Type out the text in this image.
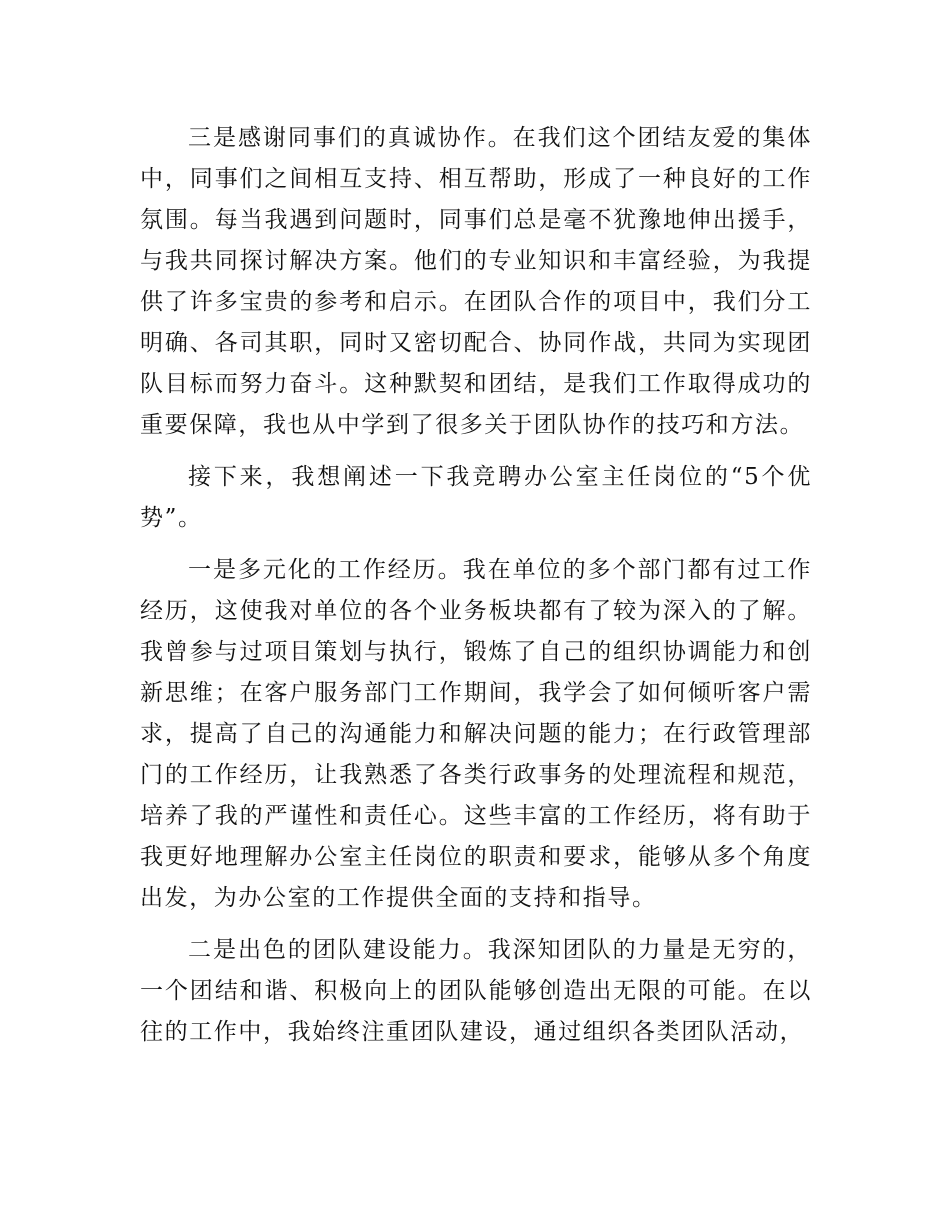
三是感谢同事们的真诚协作。在我们这个团结友爱的集体中，同事们之间相互支持、相互帮助，形成了一种良好的工作氛围。每当我遇到问题时，同事们总是毫不犹豫地伸出援手，与我共同探讨解决方案。他们的专业知识和丰富经验，为我提供了许多宝贵的参考和启示。在团队合作的项目中，我们分工明确、各司其职，同时又密切配合、协同作战，共同为实现团队目标而努力奋斗。这种默契和团结，是我们工作取得成功的重要保障，我也从中学到了很多关于团队协作的技巧和方法。

接下来，我想阐述一下我竞聘办公室主任岗位的“5个优势”。

一是多元化的工作经历。我在单位的多个部门都有过工作经历，这使我对单位的各个业务板块都有了较为深入的了解。我曾参与过项目策划与执行，锻炼了自己的组织协调能力和创新思维；在客户服务部门工作期间，我学会了如何倾听客户需求，提高了自己的沟通能力和解决问题的能力；在行政管理部门的工作经历，让我熟悉了各类行政事务的处理流程和规范，培养了我的严谨性和责任心。这些丰富的工作经历，将有助于我更好地理解办公室主任岗位的职责和要求，能够从多个角度出发，为办公室的工作提供全面的支持和指导。

二是出色的团队建设能力。我深知团队的力量是无穷的，一个团结和谐、积极向上的团队能够创造出无限的可能。在以往的工作中，我始终注重团队建设，通过组织各类团队活动，
